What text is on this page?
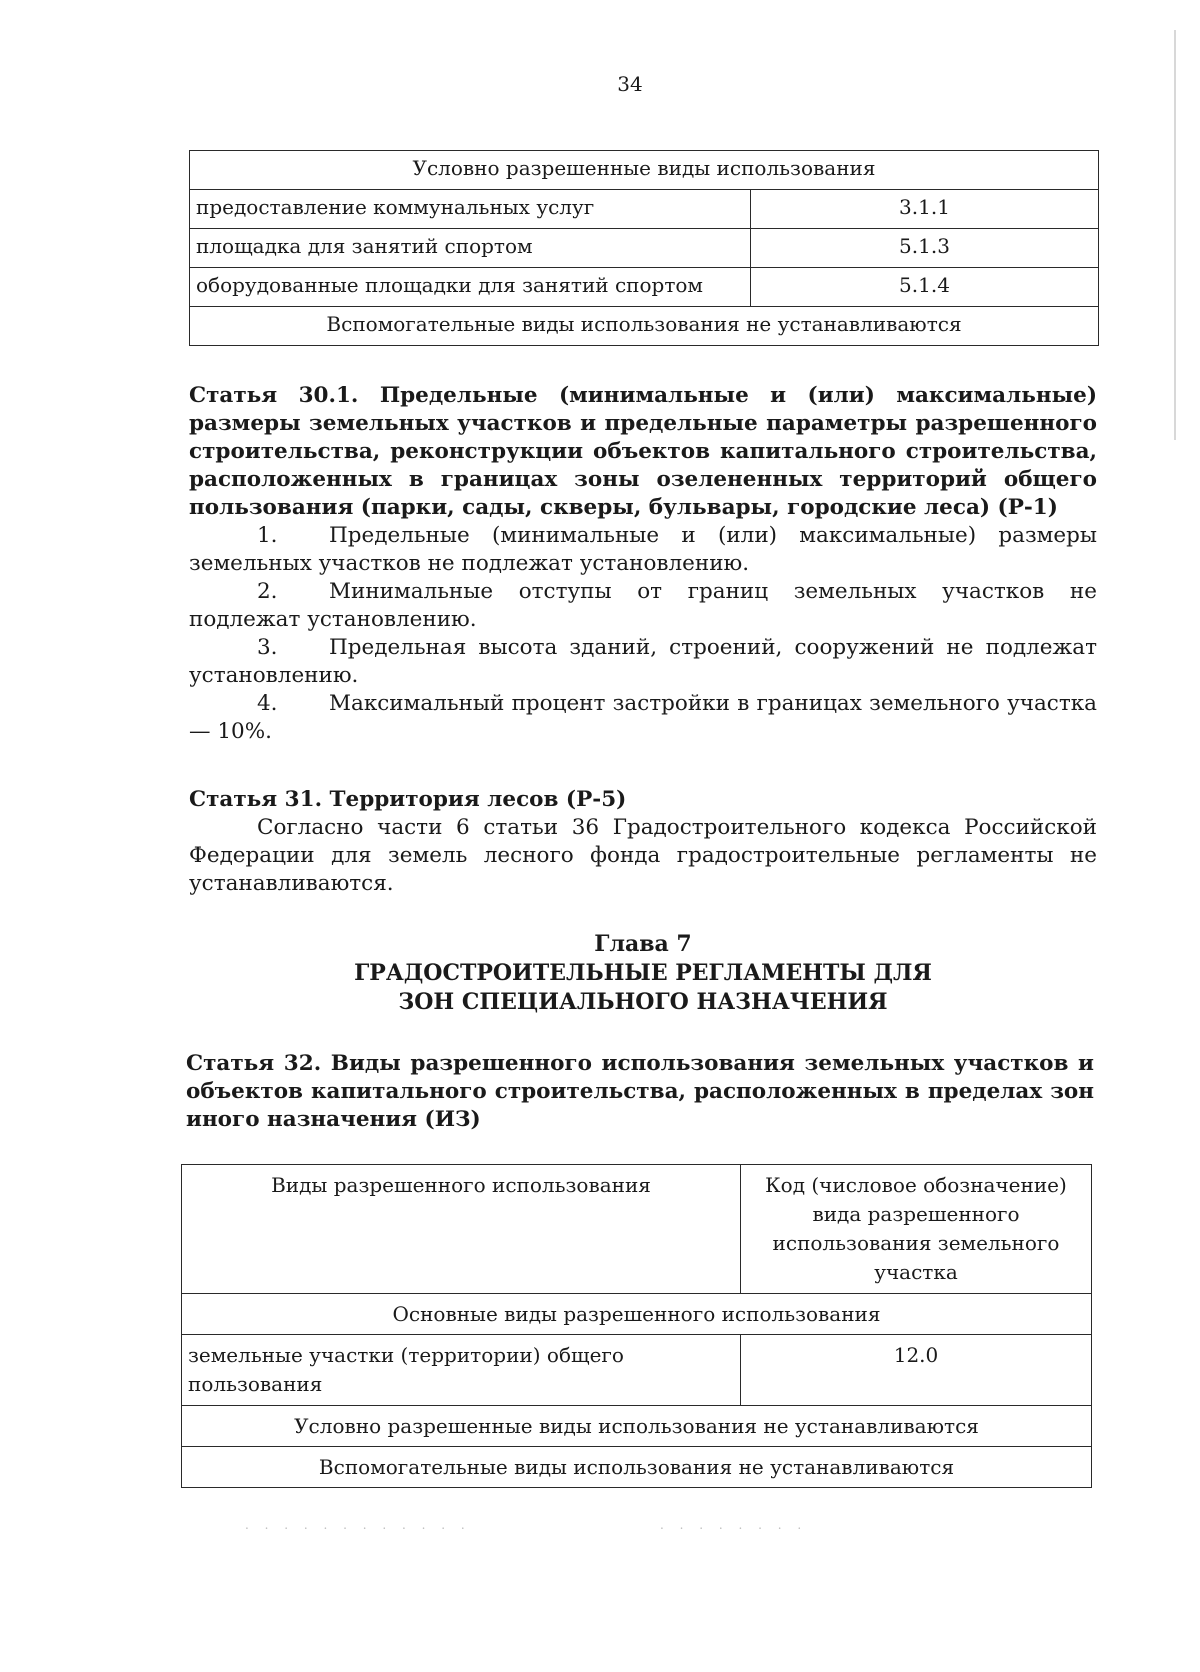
34
Условно разрешенные виды использования	
предоставление коммунальных услуг	3.1.1
площадка для занятий спортом	5.1.3
оборудованные площадки для занятий спортом	5.1.4
Вспомогательные виды использования не устанавливаются	
Статья 30.1. Предельные (минимальные и (или) максимальные) размеры земельных участков и предельные параметры разрешенного строительства, реконструкции объектов капитального строительства, расположенных в границах зоны озелененных территорий общего пользования (парки, сады, скверы, бульвары, городские леса) (Р-1)
1. Предельные (минимальные и (или) максимальные) размеры земельных участков не подлежат установлению.
2. Минимальные отступы от границ земельных участков не подлежат установлению.
3. Предельная высота зданий, строений, сооружений не подлежат установлению.
4. Максимальный процент застройки в границах земельного участка — 10%.
Статья 31. Территория лесов (Р-5)
Согласно части 6 статьи 36 Градостроительного кодекса Российской Федерации для земель лесного фонда градостроительные регламенты не устанавливаются.
Глава 7
ГРАДОСТРОИТЕЛЬНЫЕ РЕГЛАМЕНТЫ ДЛЯ
ЗОН СПЕЦИАЛЬНОГО НАЗНАЧЕНИЯ
Статья 32. Виды разрешенного использования земельных участков и объектов капитального строительства, расположенных в пределах зон иного назначения (ИЗ)
Виды разрешенного использования	Код (числовое обозначение) вида разрешенного использования земельного участка
Основные виды разрешенного использования	
земельные участки (территории) общего пользования	12.0
Условно разрешенные виды использования не устанавливаются	
Вспомогательные виды использования не устанавливаются	
. . . . . . . . . . . .	. . . . . . . .
